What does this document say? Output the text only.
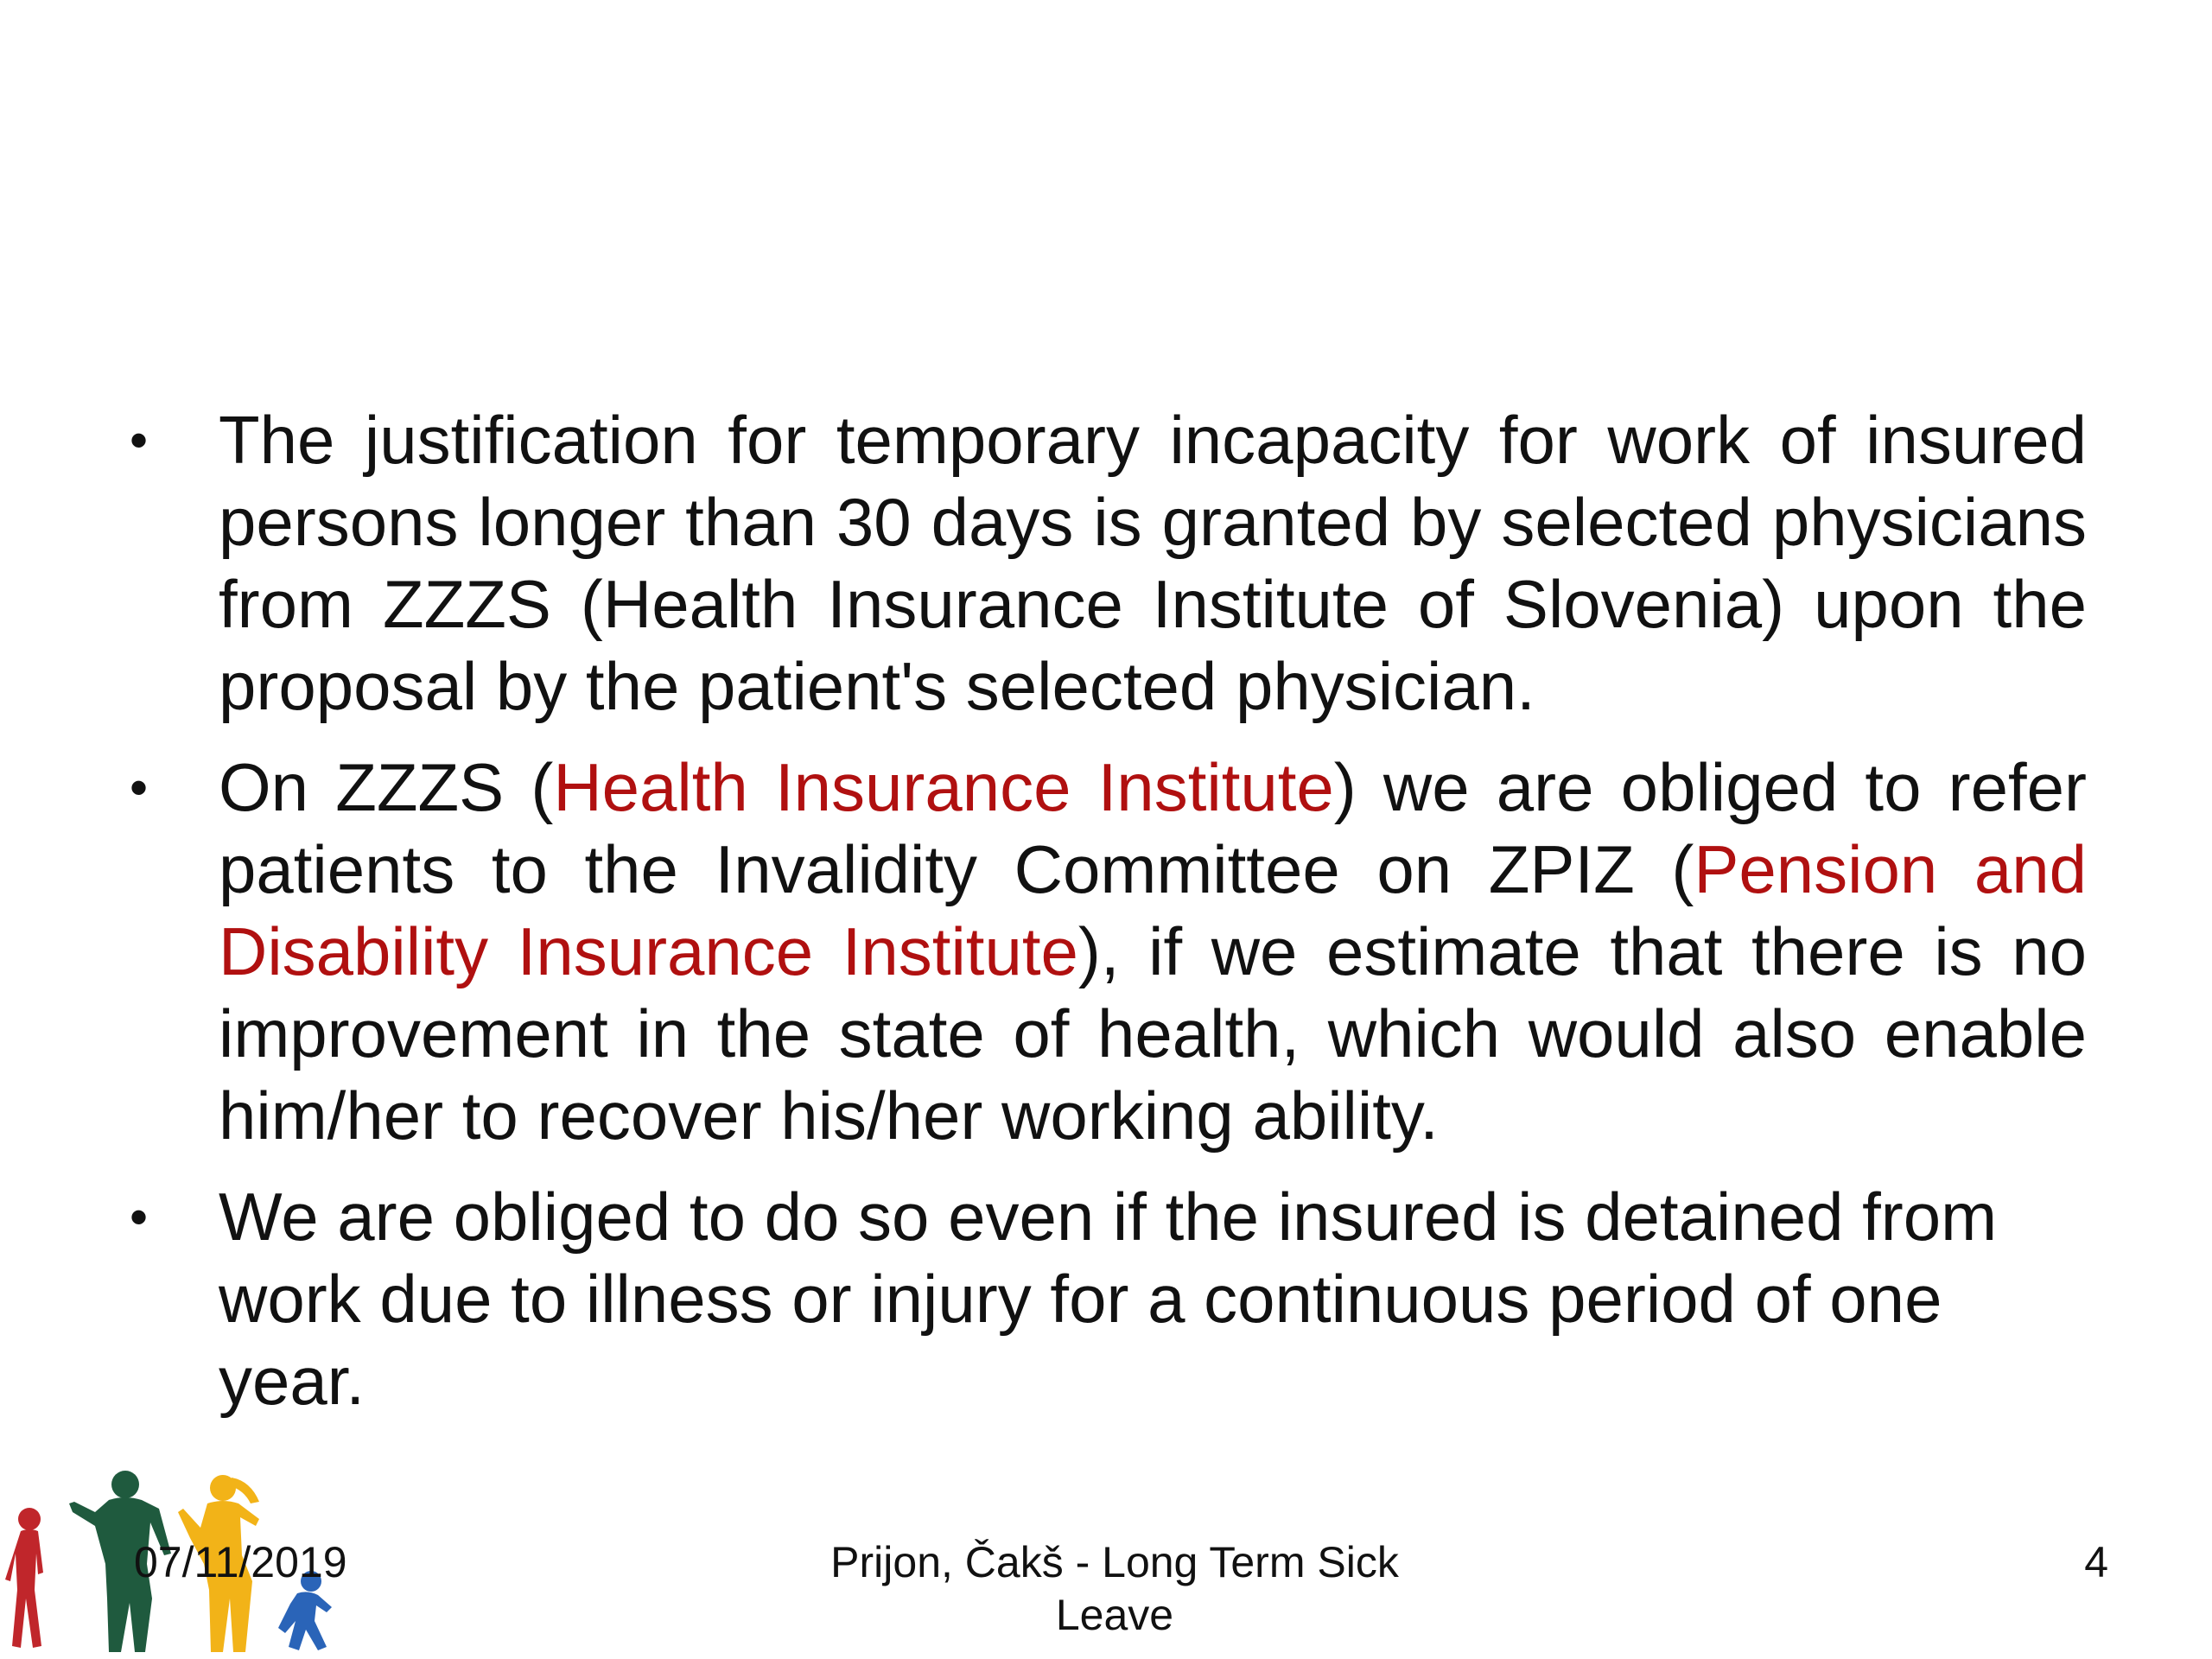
• The justification for temporary incapacity for work of insured persons longer than 30 days is granted by selected physicians from ZZZS (Health Insurance Institute of Slovenia) upon the proposal by the patient's selected physician.
• On ZZZS (Health Insurance Institute) we are obliged to refer patients to the Invalidity Committee on ZPIZ (Pension and Disability Insurance Institute), if we estimate that there is no improvement in the state of health, which would also enable him/her to recover his/her working ability.
• We are obliged to do so even if the insured is detained from work due to illness or injury for a continuous period of one year.
07/11/2019	Prijon, Čakš - Long Term Sick Leave
4
